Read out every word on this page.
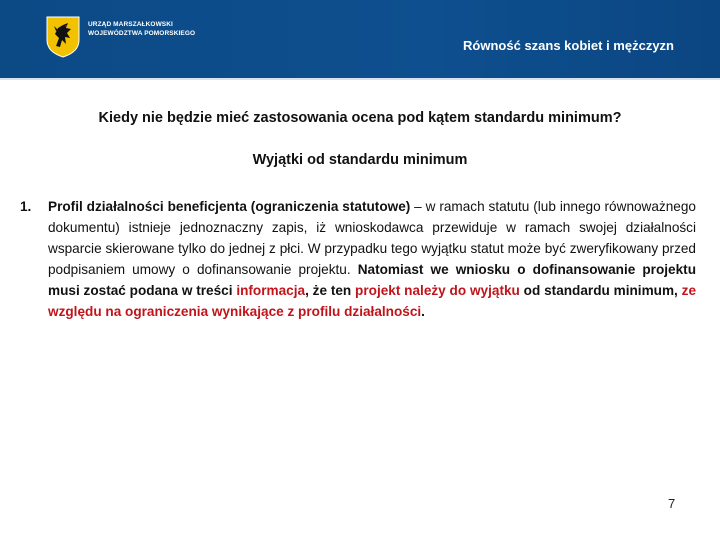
URZĄD MARSZAŁKOWSKI
WOJEWÓDZTWA POMORSKIEGO
Równość szans kobiet i mężczyzn
Kiedy nie będzie mieć zastosowania ocena pod kątem standardu minimum?
Wyjątki od standardu minimum
1. Profil działalności beneficjenta (ograniczenia statutowe) – w ramach statutu (lub innego równoważnego dokumentu) istnieje jednoznaczny zapis, iż wnioskodawca przewiduje w ramach swojej działalności wsparcie skierowane tylko do jednej z płci. W przypadku tego wyjątku statut może być zweryfikowany przed podpisaniem umowy o dofinansowanie projektu. Natomiast we wniosku o dofinansowanie projektu musi zostać podana w treści informacja, że ten projekt należy do wyjątku od standardu minimum, ze względu na ograniczenia wynikające z profilu działalności.
7
